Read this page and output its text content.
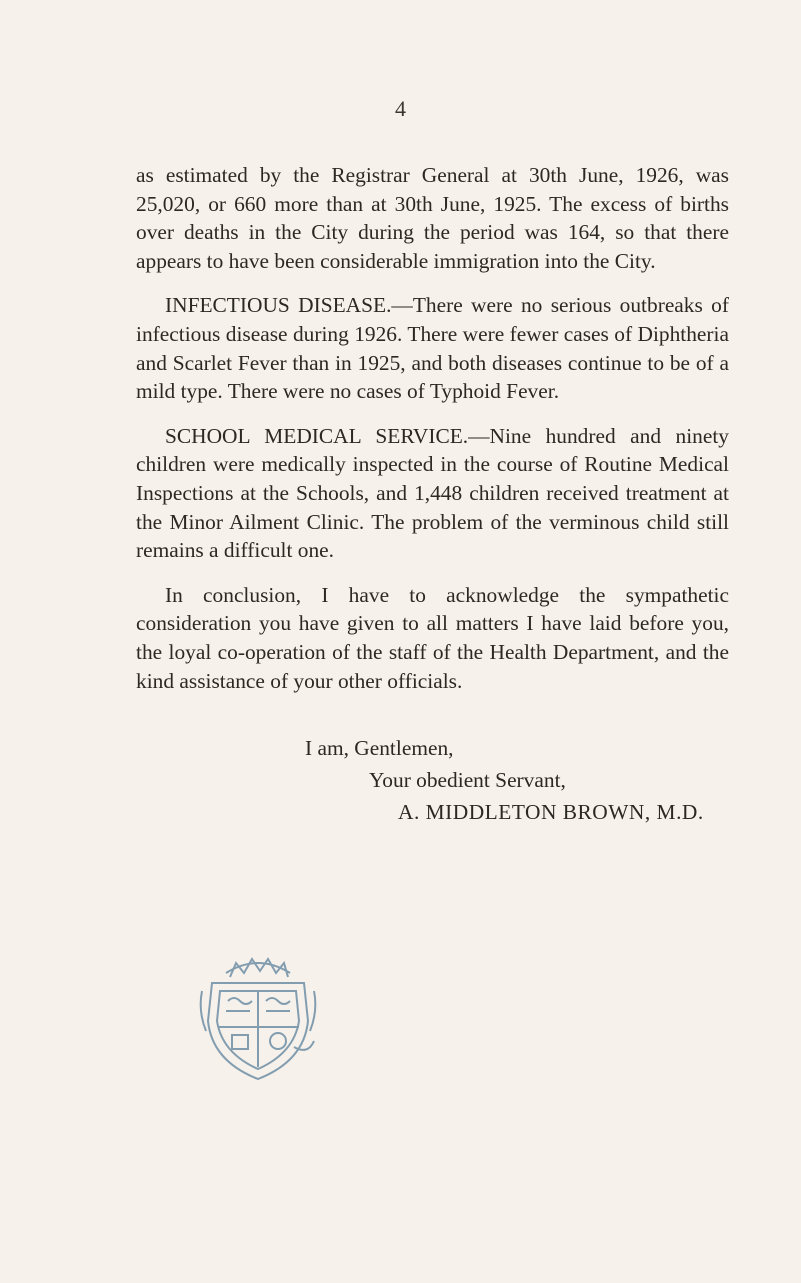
4

as estimated by the Registrar General at 30th June, 1926, was 25,020, or 660 more than at 30th June, 1925. The excess of births over deaths in the City during the period was 164, so that there appears to have been considerable immigration into the City.

INFECTIOUS DISEASE.—There were no serious outbreaks of infectious disease during 1926. There were fewer cases of Diphtheria and Scarlet Fever than in 1925, and both diseases continue to be of a mild type. There were no cases of Typhoid Fever.

SCHOOL MEDICAL SERVICE.—Nine hundred and ninety children were medically inspected in the course of Routine Medical Inspections at the Schools, and 1,448 children received treatment at the Minor Ailment Clinic. The problem of the verminous child still remains a difficult one.

In conclusion, I have to acknowledge the sympathetic consideration you have given to all matters I have laid before you, the loyal co-operation of the staff of the Health Department, and the kind assistance of your other officials.

I am, Gentlemen,
Your obedient Servant,
A. MIDDLETON BROWN, M.D.
